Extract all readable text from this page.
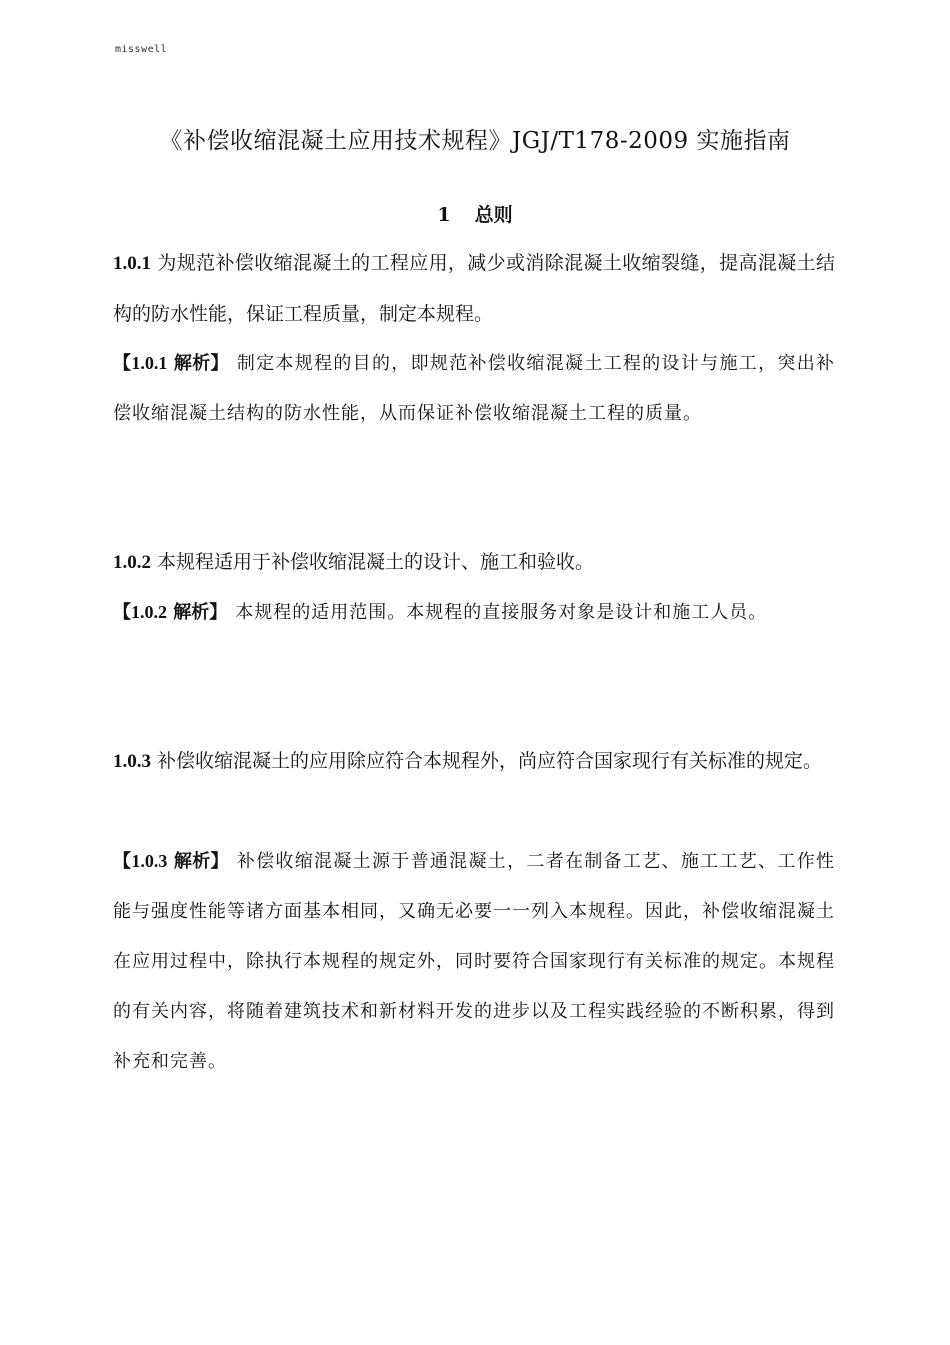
misswell
《补偿收缩混凝土应用技术规程》JGJ/T178-2009 实施指南
1 总则
1.0.1 为规范补偿收缩混凝土的工程应用，减少或消除混凝土收缩裂缝，提高混凝土结构的防水性能，保证工程质量，制定本规程。
【1.0.1 解析】 制定本规程的目的，即规范补偿收缩混凝土工程的设计与施工，突出补偿收缩混凝土结构的防水性能，从而保证补偿收缩混凝土工程的质量。
1.0.2 本规程适用于补偿收缩混凝土的设计、施工和验收。
【1.0.2 解析】 本规程的适用范围。本规程的直接服务对象是设计和施工人员。
1.0.3 补偿收缩混凝土的应用除应符合本规程外，尚应符合国家现行有关标准的规定。
【1.0.3 解析】 补偿收缩混凝土源于普通混凝土，二者在制备工艺、施工工艺、工作性能与强度性能等诸方面基本相同，又确无必要一一列入本规程。因此，补偿收缩混凝土在应用过程中，除执行本规程的规定外，同时要符合国家现行有关标准的规定。本规程的有关内容，将随着建筑技术和新材料开发的进步以及工程实践经验的不断积累，得到补充和完善。
